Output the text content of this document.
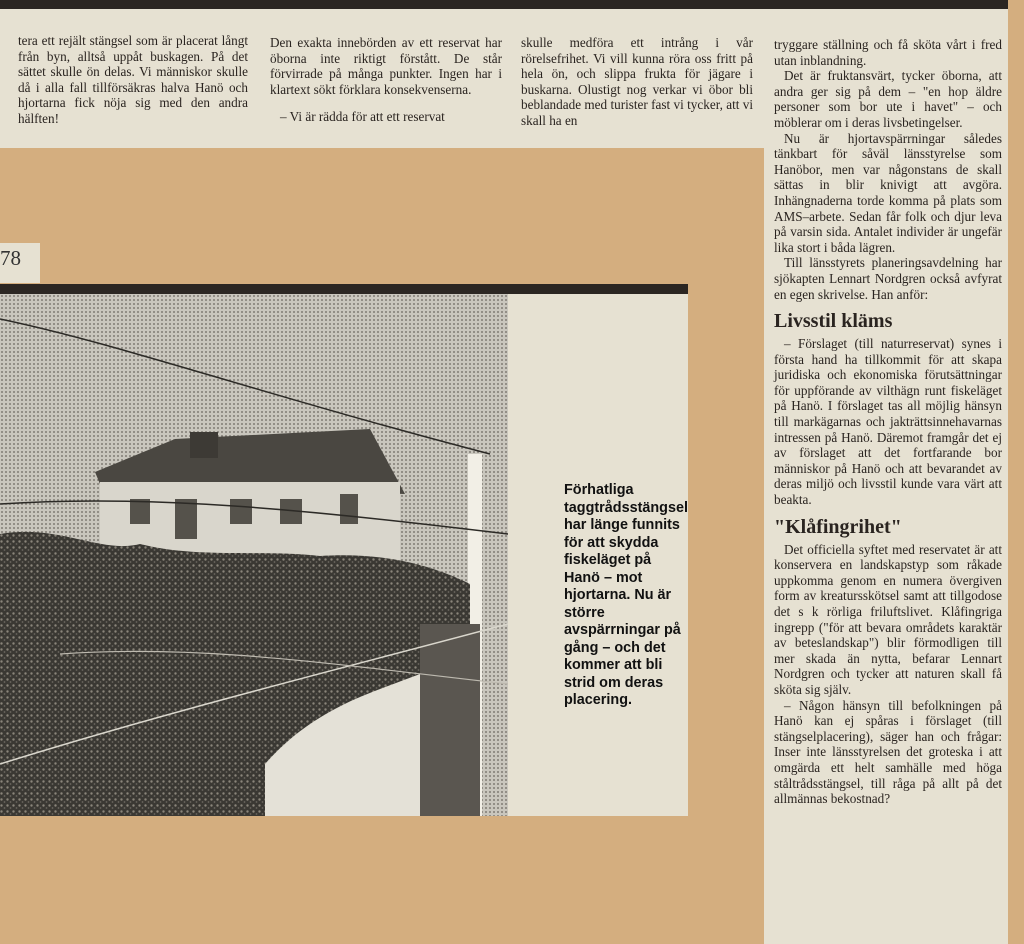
tera ett rejält stängsel som är placerat långt från byn, alltså uppåt buskagen. På det sättet skulle ön delas. Vi människor skulle då i alla fall tillförsäkras halva Hanö och hjortarna fick nöja sig med den andra hälften!

Den exakta innebörden av ett reservat har öborna inte riktigt förstått. De står förvirrade på många punkter. Ingen har i klartext sökt förklara konsekvenserna.

– Vi är rädda för att ett reservat

skulle medföra ett intrång i vår rörelsefrihet. Vi vill kunna röra oss fritt på hela ön, och slippa frukta för jägare i buskarna. Olustigt nog verkar vi öbor bli beblandade med turister fast vi tycker, att vi skall ha en

tryggare ställning och få sköta vårt i fred utan inblandning.

Det är fruktansvärt, tycker öborna, att andra ger sig på dem – "en hop äldre personer som bor ute i havet" – och möblerar om i deras livsbetingelser.

Nu är hjortavspärrningar således tänkbart för såväl länsstyrelse som Hanöbor, men var någonstans de skall sättas in blir knivigt att avgöra. Inhängnaderna torde komma på plats som AMS–arbete. Sedan får folk och djur leva på varsin sida. Antalet individer är ungefär lika stort i båda lägren.

Till länsstyrets planeringsavdelning har sjökapten Lennart Nordgren också avfyrat en egen skrivelse. Han anför:

Livsstil kläms

– Förslaget (till naturreservat) synes i första hand ha tillkommit för att skapa juridiska och ekonomiska förutsättningar för uppförande av vilthägn runt fiskeläget på Hanö. I förslaget tas all möjlig hänsyn till markägarnas och jakträttsinnehavarnas intressen på Hanö. Däremot framgår det ej av förslaget att det fortfarande bor människor på Hanö och att bevarandet av deras miljö och livsstil kunde vara värt att beakta.

"Klåfingrihet"

Det officiella syftet med reservatet är att konservera en landskapstyp som råkade uppkomma genom en numera övergiven form av kreatursskötsel samt att tillgodose det s k rörliga friluftslivet. Klåfingriga ingrepp ("för att bevara områdets karaktär av beteslandskap") blir förmodligen till mer skada än nytta, befarar Lennart Nordgren och tycker att naturen skall få sköta sig själv.

– Någon hänsyn till befolkningen på Hanö kan ej spåras i förslaget (till stängselplacering), säger han och frågar: Inser inte länsstyrelsen det groteska i att omgärda ett helt samhälle med höga ståltrådsstängsel, till råga på allt på det allmännas bekostnad?

78
Förhatliga taggtrådsstängsel har länge funnits för att skydda fiskeläget på Hanö – mot hjortarna. Nu är större avspärrningar på gång – och det kommer att bli strid om deras placering.
